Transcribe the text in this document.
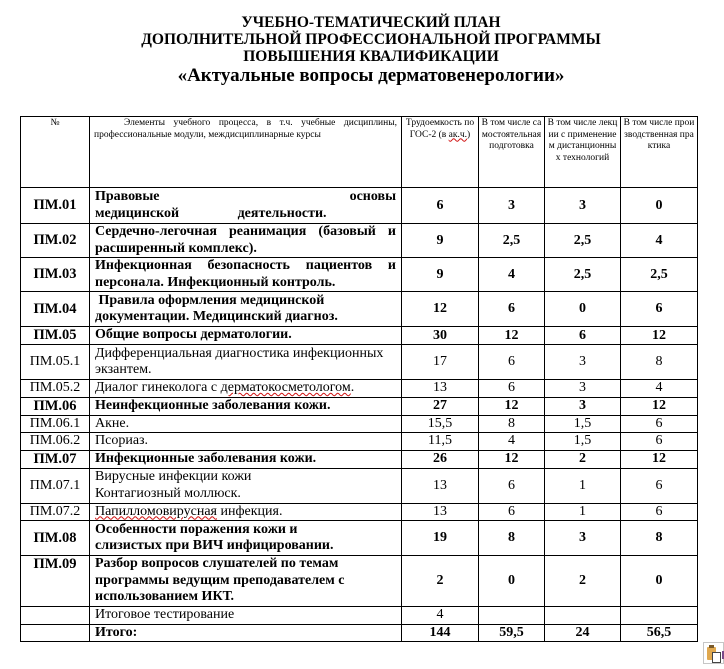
УЧЕБНО-ТЕМАТИЧЕСКИЙ ПЛАН
ДОПОЛНИТЕЛЬНОЙ ПРОФЕССИОНАЛЬНОЙ ПРОГРАММЫ
ПОВЫШЕНИЯ КВАЛИФИКАЦИИ
«Актуальные вопросы дерматовенерологии»
№	Элементы учебного процесса, в т.ч. учебные дисциплины, профессиональные модули, междисциплинарные курсы	Трудоемкость по ГОС-2 (в ак.ч.)	В том числе самостоятельная подготовка	В том числе лекции с применением дистанционных технологий	В том числе производственная практика
ПМ.01	Правовые основы медицинской деятельности.	6	3	3	0
ПМ.02	Сердечно-легочная реанимация (базовый и расширенный комплекс).	9	2,5	2,5	4
ПМ.03	Инфекционная безопасность пациентов и персонала. Инфекционный контроль.	9	4	2,5	2,5
ПМ.04	Правила оформления медицинской документации. Медицинский диагноз.	12	6	0	6
ПМ.05	Общие вопросы дерматологии.	30	12	6	12
ПМ.05.1	Дифференциальная диагностика инфекционных экзантем.	17	6	3	8
ПМ.05.2	Диалог гинеколога с дерматокосметологом.	13	6	3	4
ПМ.06	Неинфекционные заболевания кожи.	27	12	3	12
ПМ.06.1	Акне.	15,5	8	1,5	6
ПМ.06.2	Псориаз.	11,5	4	1,5	6
ПМ.07	Инфекционные заболевания кожи.	26	12	2	12
ПМ.07.1	Вирусные инфекции кожи Контагиозный моллюск.	13	6	1	6
ПМ.07.2	Папилломовирусная инфекция.	13	6	1	6
ПМ.08	Особенности поражения кожи и слизистых при ВИЧ инфицировании.	19	8	3	8
ПМ.09	Разбор вопросов слушателей по темам программы ведущим преподавателем с использованием ИКТ.	2	0	2	0
	Итоговое тестирование	4			
	Итого:	144	59,5	24	56,5
